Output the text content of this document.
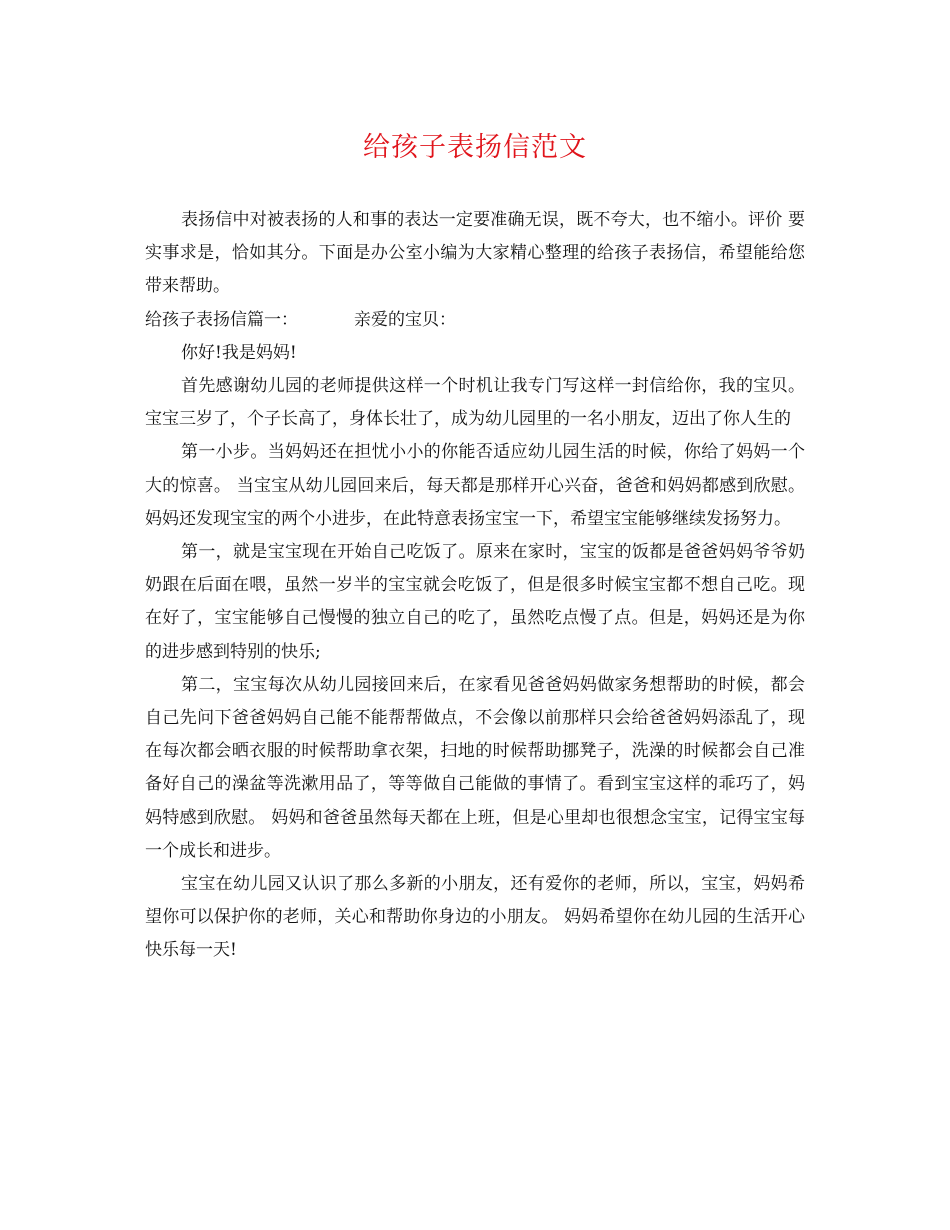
给孩子表扬信范文

表扬信中对被表扬的人和事的表达一定要准确无误，既不夸大，也不缩小。评价 要实事求是，恰如其分。下面是办公室小编为大家精心整理的给孩子表扬信，希望能给您带来帮助。

给孩子表扬信篇一：	亲爱的宝贝：

你好!我是妈妈!

首先感谢幼儿园的老师提供这样一个时机让我专门写这样一封信给你，我的宝贝。 宝宝三岁了，个子长高了，身体长壮了，成为幼儿园里的一名小朋友，迈出了你人生的

第一小步。当妈妈还在担忧小小的你能否适应幼儿园生活的时候，你给了妈妈一个大的惊喜。 当宝宝从幼儿园回来后，每天都是那样开心兴奋，爸爸和妈妈都感到欣慰。妈妈还发现宝宝的两个小进步，在此特意表扬宝宝一下，希望宝宝能够继续发扬努力。

第一，就是宝宝现在开始自己吃饭了。原来在家时，宝宝的饭都是爸爸妈妈爷爷奶奶跟在后面在喂，虽然一岁半的宝宝就会吃饭了，但是很多时候宝宝都不想自己吃。现在好了，宝宝能够自己慢慢的独立自己的吃了，虽然吃点慢了点。但是，妈妈还是为你的进步感到特别的快乐;

第二，宝宝每次从幼儿园接回来后，在家看见爸爸妈妈做家务想帮助的时候，都会自己先问下爸爸妈妈自己能不能帮帮做点，不会像以前那样只会给爸爸妈妈添乱了，现在每次都会晒衣服的时候帮助拿衣架，扫地的时候帮助挪凳子，洗澡的时候都会自己准备好自己的澡盆等洗漱用品了，等等做自己能做的事情了。看到宝宝这样的乖巧了，妈妈特感到欣慰。 妈妈和爸爸虽然每天都在上班，但是心里却也很想念宝宝，记得宝宝每一个成长和进步。

宝宝在幼儿园又认识了那么多新的小朋友，还有爱你的老师，所以，宝宝，妈妈希望你可以保护你的老师，关心和帮助你身边的小朋友。 妈妈希望你在幼儿园的生活开心快乐每一天!
